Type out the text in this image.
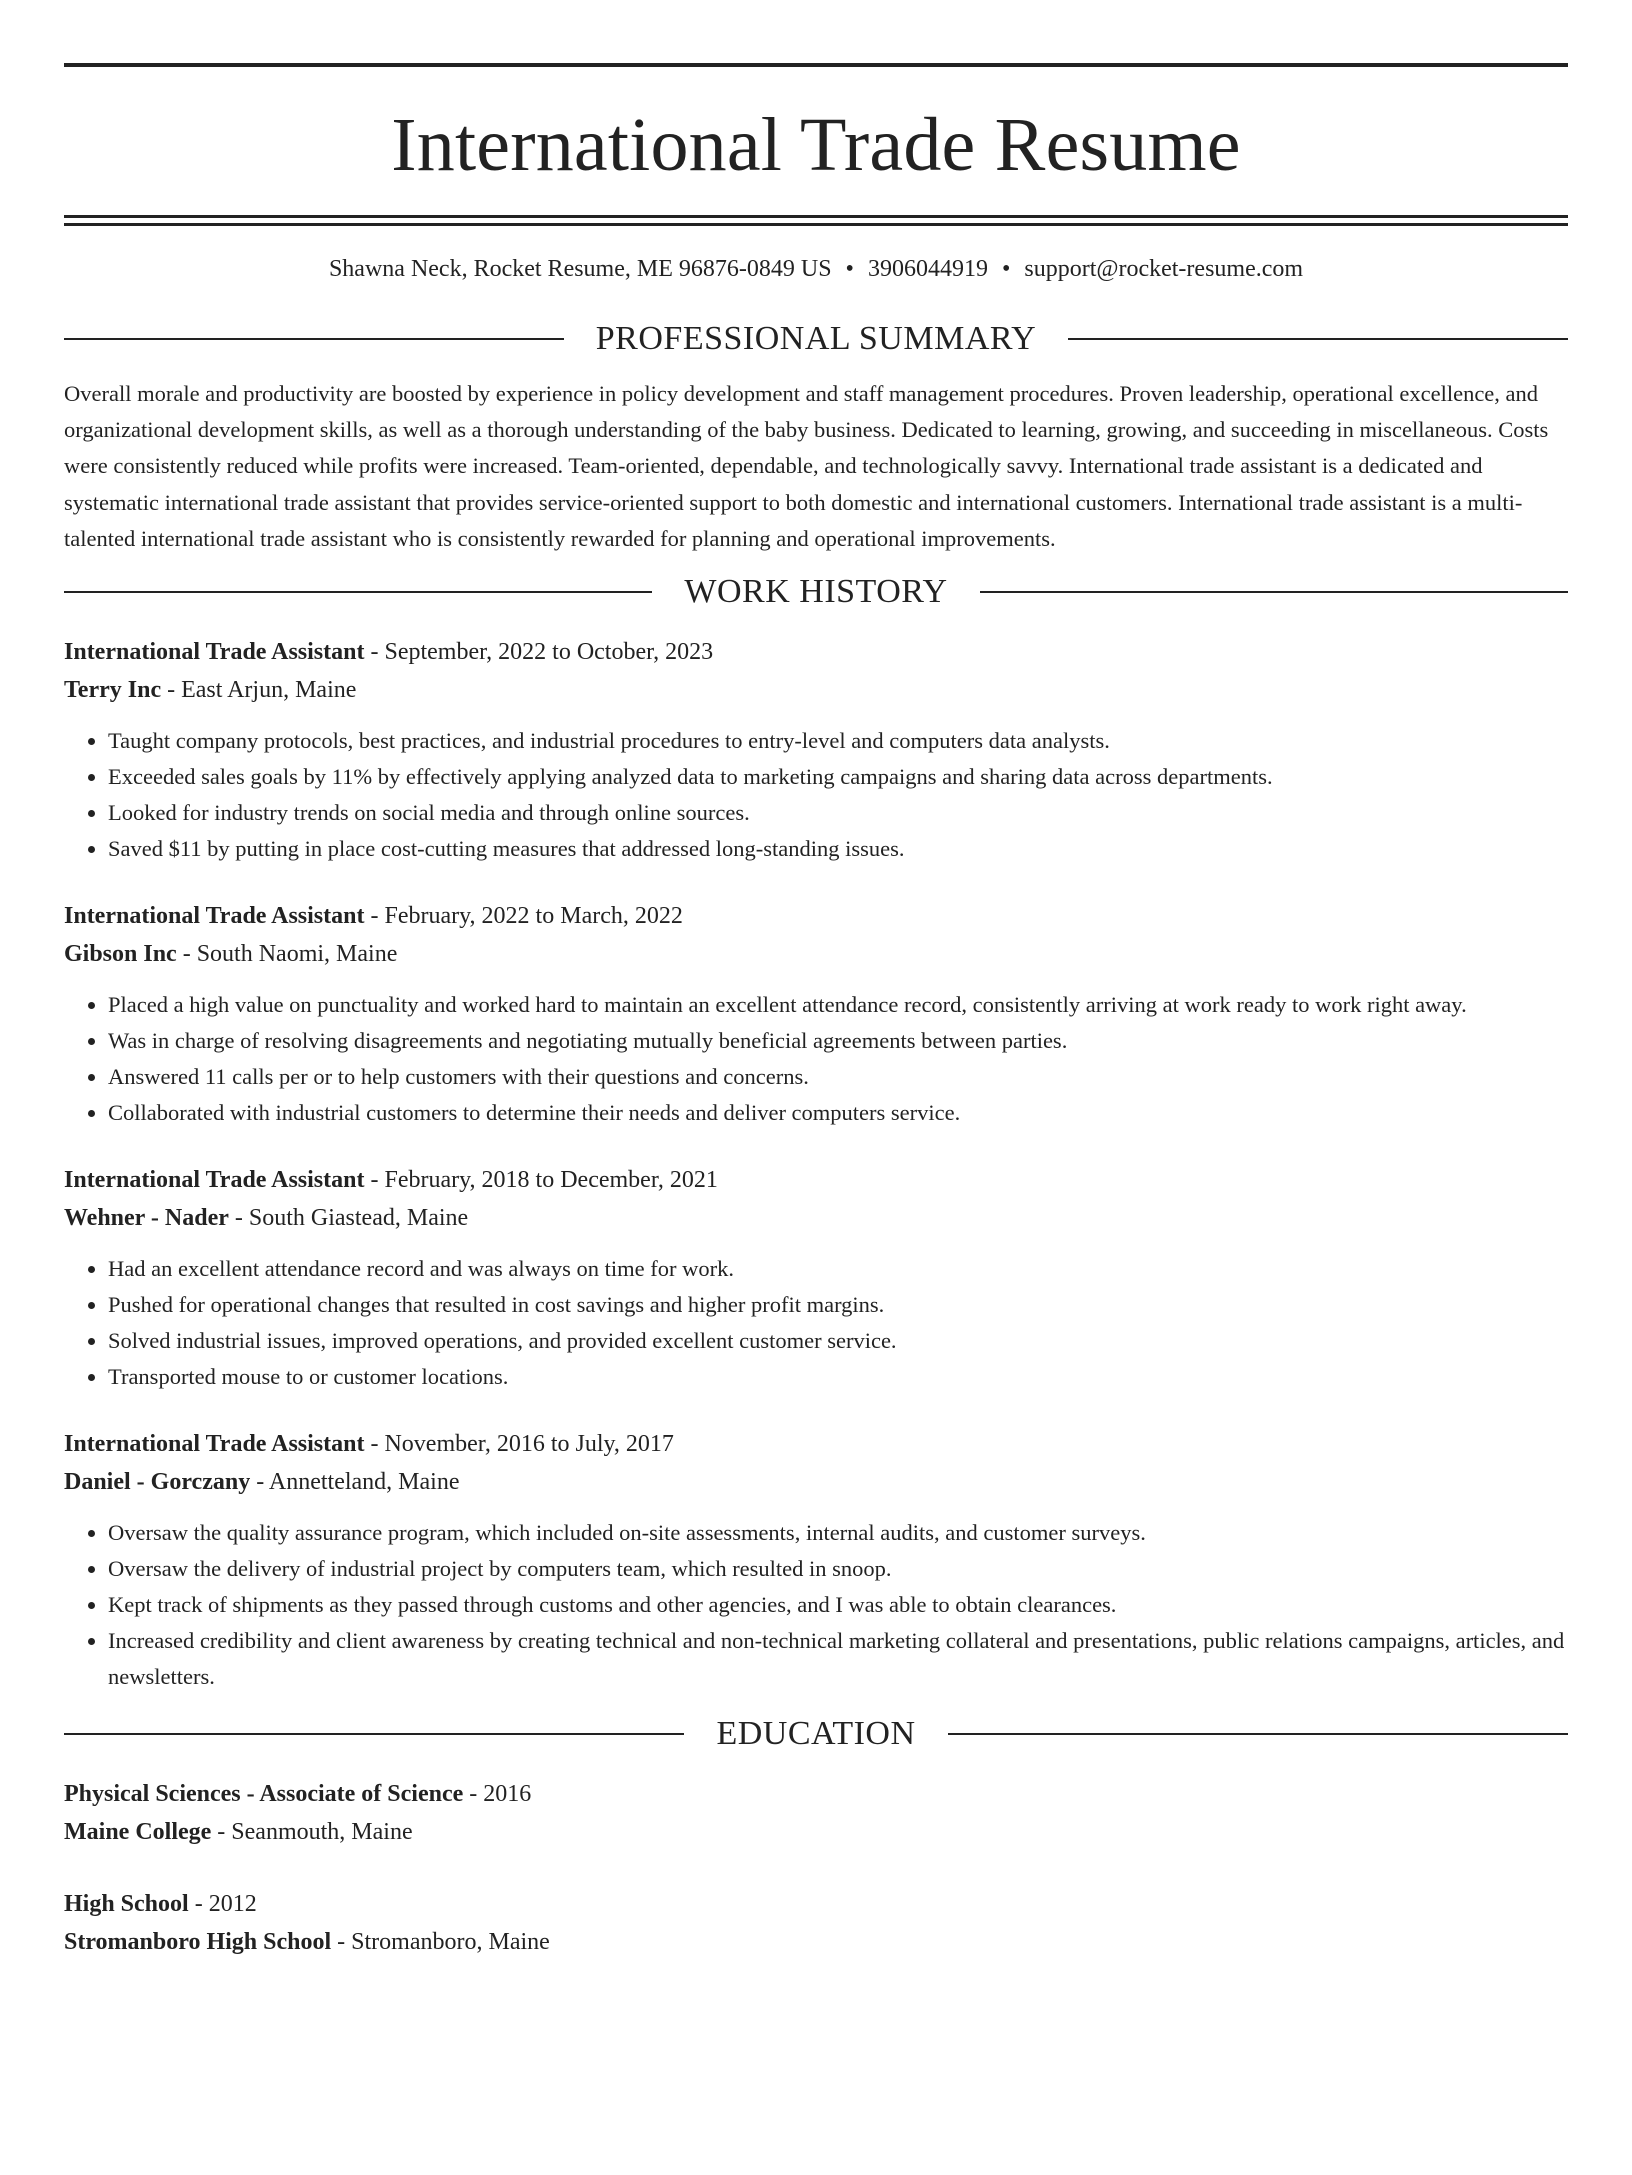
International Trade Resume
Shawna Neck, Rocket Resume, ME 96876-0849 US • 3906044919 • support@rocket-resume.com
PROFESSIONAL SUMMARY

Overall morale and productivity are boosted by experience in policy development and staff management procedures. Proven leadership, operational excellence, and organizational development skills, as well as a thorough understanding of the baby business. Dedicated to learning, growing, and succeeding in miscellaneous. Costs were consistently reduced while profits were increased. Team-oriented, dependable, and technologically savvy. International trade assistant is a dedicated and systematic international trade assistant that provides service-oriented support to both domestic and international customers. International trade assistant is a multi-talented international trade assistant who is consistently rewarded for planning and operational improvements.

WORK HISTORY
International Trade Assistant - September, 2022 to October, 2023
Terry Inc - East Arjun, Maine
• Taught company protocols, best practices, and industrial procedures to entry-level and computers data analysts.
• Exceeded sales goals by 11% by effectively applying analyzed data to marketing campaigns and sharing data across departments.
• Looked for industry trends on social media and through online sources.
• Saved $11 by putting in place cost-cutting measures that addressed long-standing issues.
International Trade Assistant - February, 2022 to March, 2022
Gibson Inc - South Naomi, Maine
• Placed a high value on punctuality and worked hard to maintain an excellent attendance record, consistently arriving at work ready to work right away.
• Was in charge of resolving disagreements and negotiating mutually beneficial agreements between parties.
• Answered 11 calls per or to help customers with their questions and concerns.
• Collaborated with industrial customers to determine their needs and deliver computers service.
International Trade Assistant - February, 2018 to December, 2021
Wehner - Nader - South Giastead, Maine
• Had an excellent attendance record and was always on time for work.
• Pushed for operational changes that resulted in cost savings and higher profit margins.
• Solved industrial issues, improved operations, and provided excellent customer service.
• Transported mouse to or customer locations.
International Trade Assistant - November, 2016 to July, 2017
Daniel - Gorczany - Annetteland, Maine
• Oversaw the quality assurance program, which included on-site assessments, internal audits, and customer surveys.
• Oversaw the delivery of industrial project by computers team, which resulted in snoop.
• Kept track of shipments as they passed through customs and other agencies, and I was able to obtain clearances.
• Increased credibility and client awareness by creating technical and non-technical marketing collateral and presentations, public relations campaigns, articles, and newsletters.
EDUCATION
Physical Sciences - Associate of Science - 2016
Maine College - Seanmouth, Maine
High School - 2012
Stromanboro High School - Stromanboro, Maine
